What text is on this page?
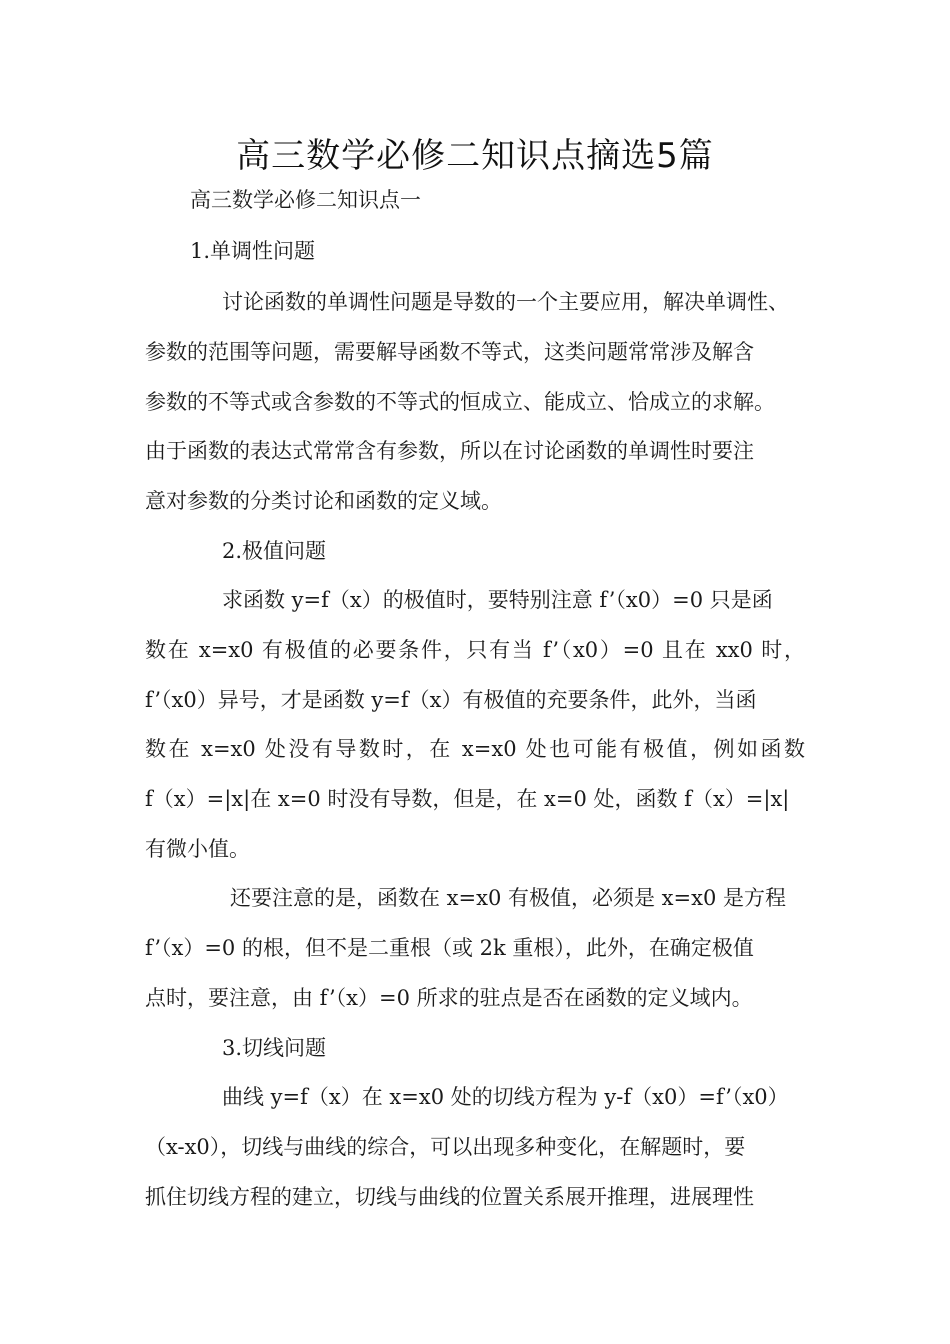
高三数学必修二知识点摘选5篇
高三数学必修二知识点一
1.单调性问题
讨论函数的单调性问题是导数的一个主要应用，解决单调性、
参数的范围等问题，需要解导函数不等式，这类问题常常涉及解含
参数的不等式或含参数的不等式的恒成立、能成立、恰成立的求解。
由于函数的表达式常常含有参数，所以在讨论函数的单调性时要注
意对参数的分类讨论和函数的定义域。
2.极值问题
求函数 y=f（x）的极值时，要特别注意 f’（x0）=0 只是函
数在 x=x0 有极值的必要条件，只有当 f’（x0）=0 且在 xx0 时，
f’（x0）异号，才是函数 y=f（x）有极值的充要条件，此外，当函
数在 x=x0 处没有导数时，在 x=x0 处也可能有极值，例如函数
f（x）=|x|在 x=0 时没有导数，但是，在 x=0 处，函数 f（x）=|x|
有微小值。
还要注意的是，函数在 x=x0 有极值，必须是 x=x0 是方程
f’（x）=0 的根，但不是二重根（或 2k 重根），此外，在确定极值
点时，要注意，由 f’（x）=0 所求的驻点是否在函数的定义域内。
3.切线问题
曲线 y=f（x）在 x=x0 处的切线方程为 y-f（x0）=f’（x0）
（x-x0），切线与曲线的综合，可以出现多种变化，在解题时，要
抓住切线方程的建立，切线与曲线的位置关系展开推理，进展理性
